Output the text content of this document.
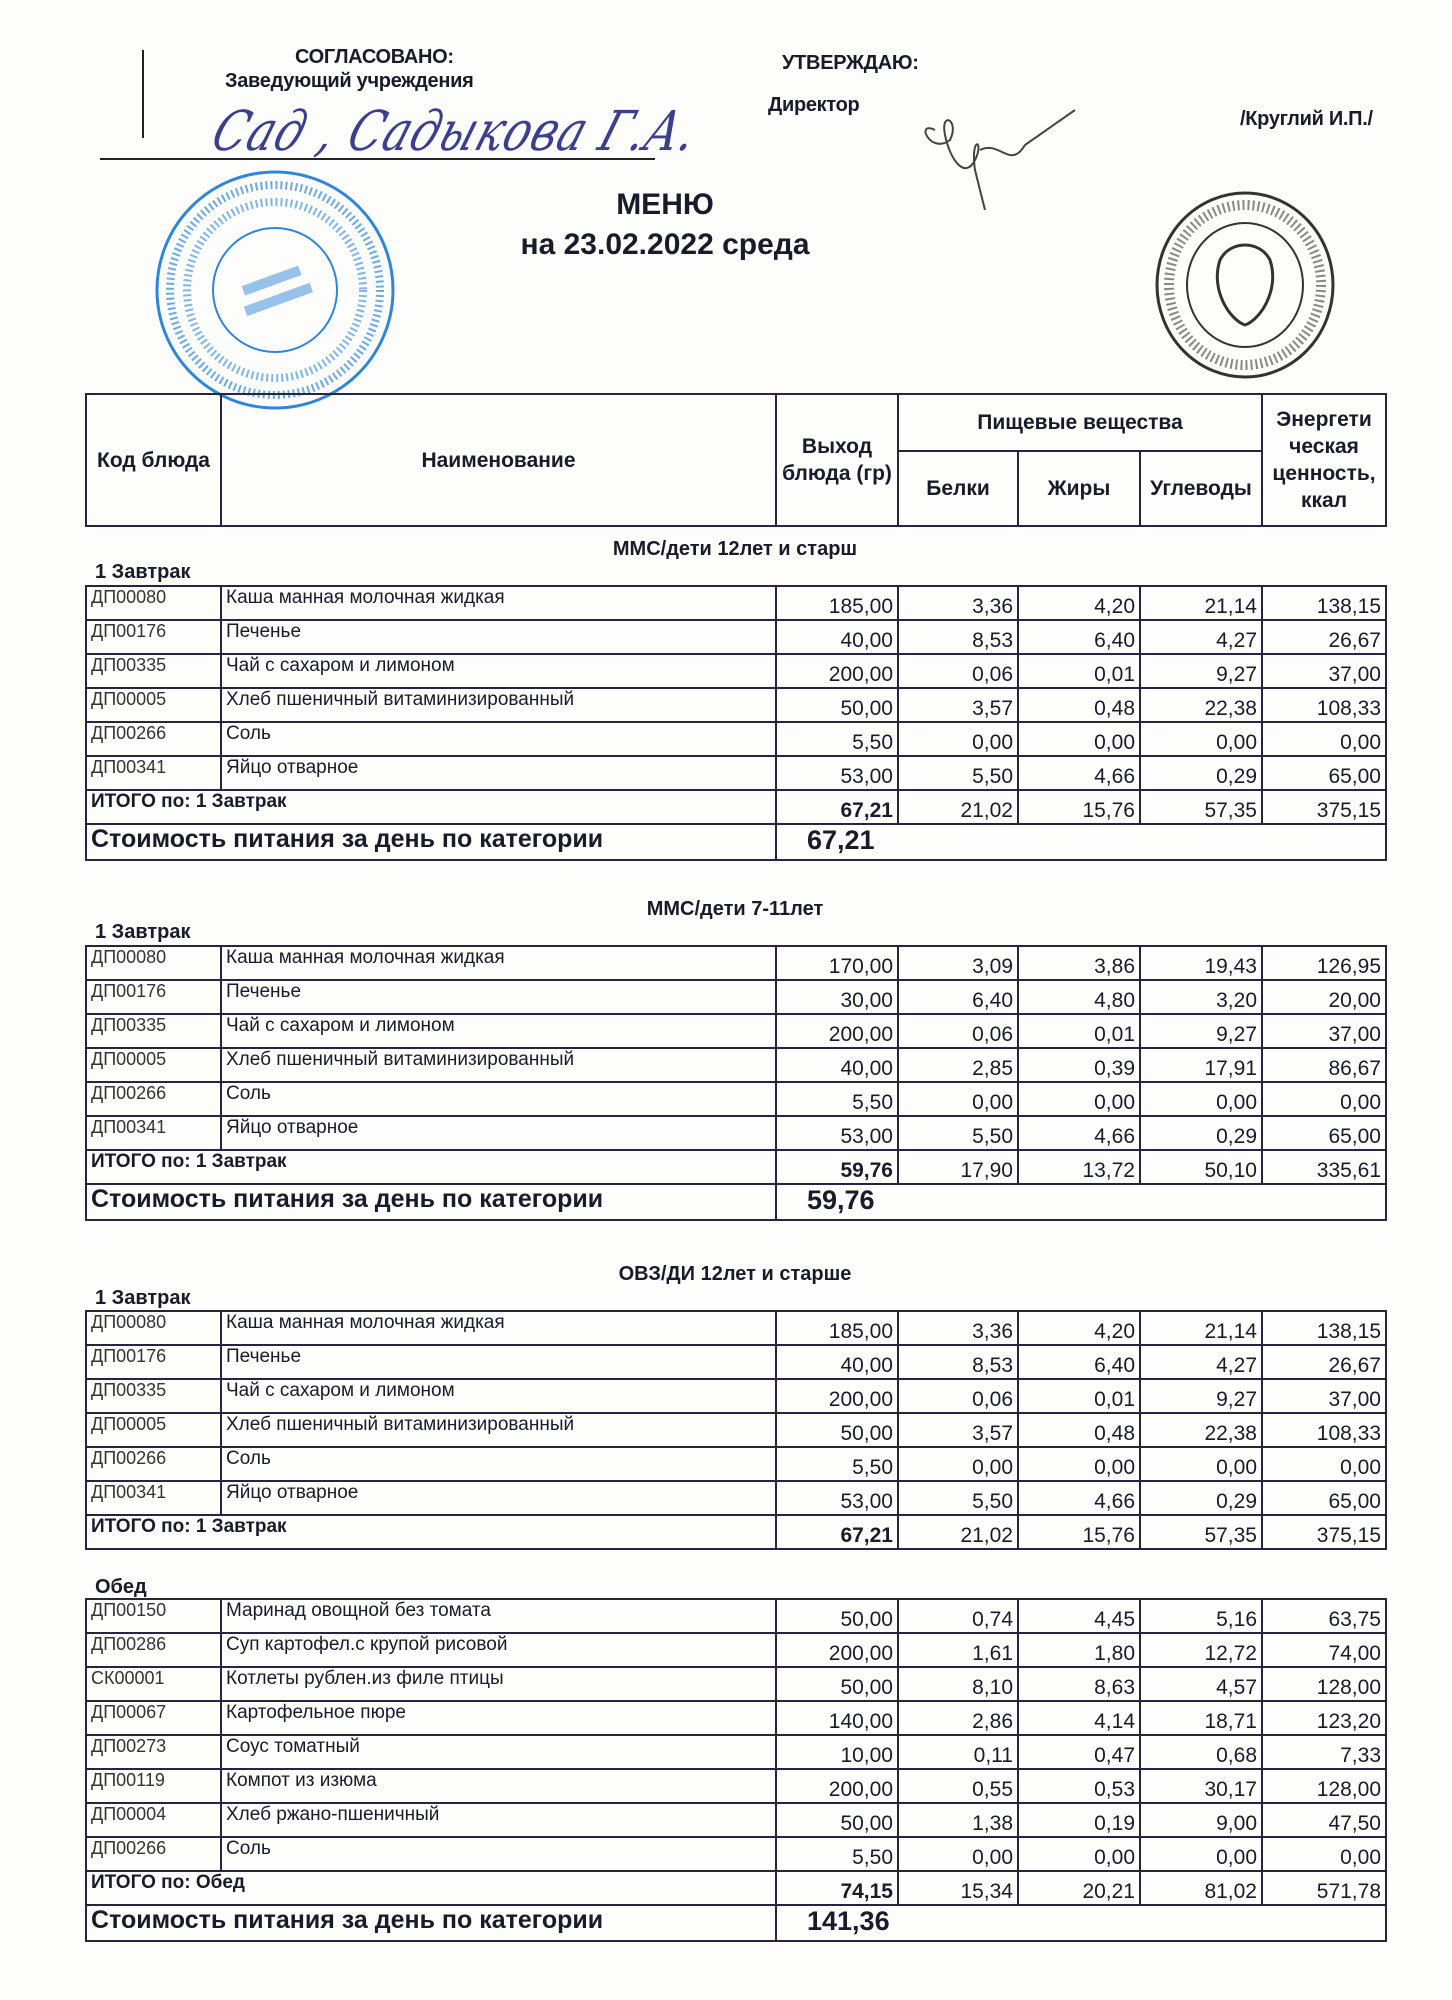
СОГЛАСОВАНО:
Заведующий учреждения
УТВЕРЖДАЮ:
Директор
/Круглий И.П./
Сад , Садыкова Г.А.
МЕНЮ
на 23.02.2022 среда
Код блюда	Наименование	Выход блюда (гр)	Пищевые вещества			Энергети ческая ценность, ккал
			Белки	Жиры	Углеводы	
ММС/дети 12лет и старш
1 Завтрак
ДП00080	Каша манная молочная жидкая	185,00	3,36	4,20	21,14	138,15
ДП00176	Печенье	40,00	8,53	6,40	4,27	26,67
ДП00335	Чай с сахаром и лимоном	200,00	0,06	0,01	9,27	37,00
ДП00005	Хлеб пшеничный витаминизированный	50,00	3,57	0,48	22,38	108,33
ДП00266	Соль	5,50	0,00	0,00	0,00	0,00
ДП00341	Яйцо отварное	53,00	5,50	4,66	0,29	65,00
ИТОГО по: 1 Завтрак		67,21	21,02	15,76	57,35	375,15
Стоимость питания за день по категории		67,21				
ММС/дети 7-11лет
1 Завтрак
ДП00080	Каша манная молочная жидкая	170,00	3,09	3,86	19,43	126,95
ДП00176	Печенье	30,00	6,40	4,80	3,20	20,00
ДП00335	Чай с сахаром и лимоном	200,00	0,06	0,01	9,27	37,00
ДП00005	Хлеб пшеничный витаминизированный	40,00	2,85	0,39	17,91	86,67
ДП00266	Соль	5,50	0,00	0,00	0,00	0,00
ДП00341	Яйцо отварное	53,00	5,50	4,66	0,29	65,00
ИТОГО по: 1 Завтрак		59,76	17,90	13,72	50,10	335,61
Стоимость питания за день по категории		59,76				
ОВЗ/ДИ 12лет и старше
1 Завтрак
ДП00080	Каша манная молочная жидкая	185,00	3,36	4,20	21,14	138,15
ДП00176	Печенье	40,00	8,53	6,40	4,27	26,67
ДП00335	Чай с сахаром и лимоном	200,00	0,06	0,01	9,27	37,00
ДП00005	Хлеб пшеничный витаминизированный	50,00	3,57	0,48	22,38	108,33
ДП00266	Соль	5,50	0,00	0,00	0,00	0,00
ДП00341	Яйцо отварное	53,00	5,50	4,66	0,29	65,00
ИТОГО по: 1 Завтрак		67,21	21,02	15,76	57,35	375,15
Обед
ДП00150	Маринад овощной без томата	50,00	0,74	4,45	5,16	63,75
ДП00286	Суп картофел.с крупой рисовой	200,00	1,61	1,80	12,72	74,00
СК00001	Котлеты рублен.из филе птицы	50,00	8,10	8,63	4,57	128,00
ДП00067	Картофельное пюре	140,00	2,86	4,14	18,71	123,20
ДП00273	Соус томатный	10,00	0,11	0,47	0,68	7,33
ДП00119	Компот из изюма	200,00	0,55	0,53	30,17	128,00
ДП00004	Хлеб ржано-пшеничный	50,00	1,38	0,19	9,00	47,50
ДП00266	Соль	5,50	0,00	0,00	0,00	0,00
ИТОГО по: Обед		74,15	15,34	20,21	81,02	571,78
Стоимость питания за день по категории		141,36				
